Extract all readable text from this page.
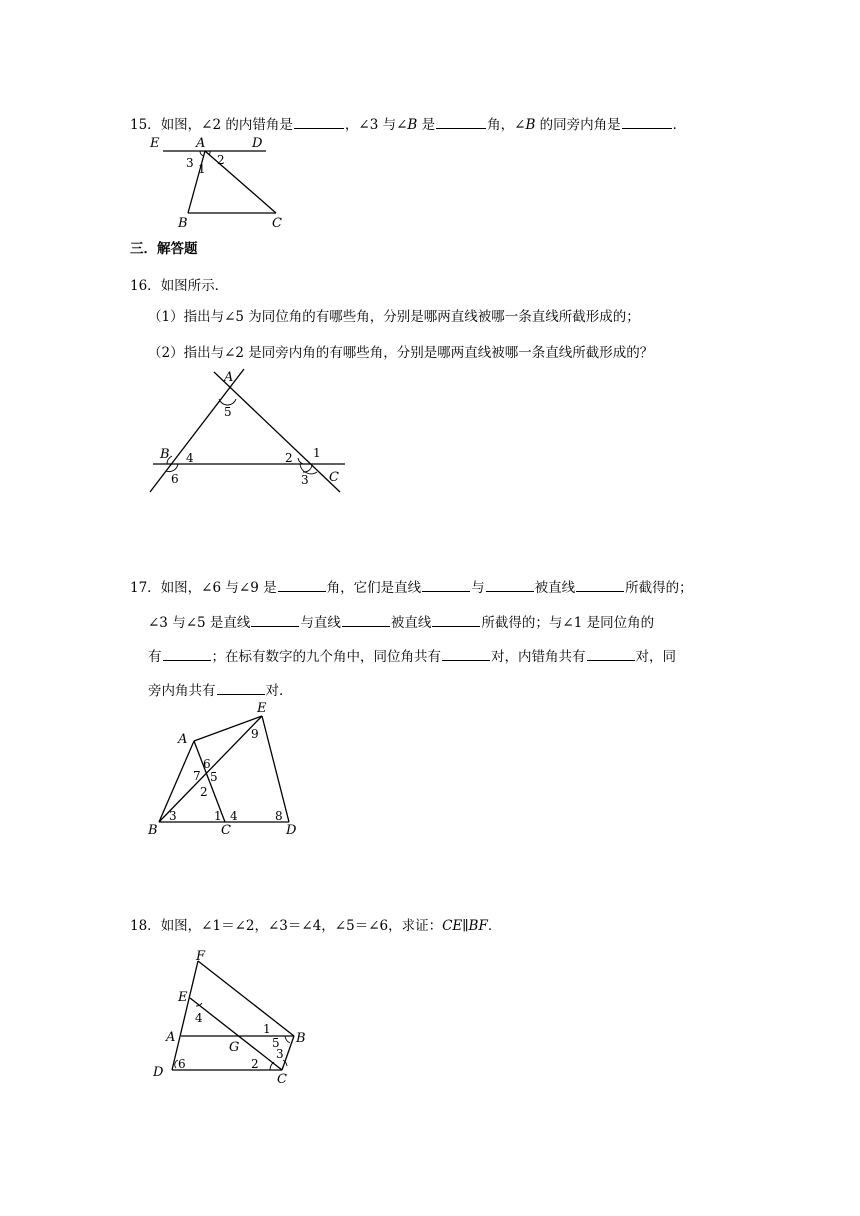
15．如图，∠2 的内错角是	，∠3 与∠B 是	角，∠B 的同旁内角是	．
E	A	D
B	C
3 1
2
三．解答题
16．如图所示．
（1）指出与∠5 为同位角的有哪些角，分别是哪两直线被哪一条直线所截形成的；
（2）指出与∠2 是同旁内角的有哪些角，分别是哪两直线被哪一条直线所截形成的？
A
B
C
5
4
6
2 1
3
17．如图，∠6 与∠9 是	角，它们是直线	与	被直线	所截得的；
∠3 与∠5 是直线	与直线	被直线	所截得的；与∠1 是同位角的
有	；在标有数字的九个角中，同位角共有	对，内错角共有	对，同
旁内角共有	对．
A
E
B	C	D
9
6
7 5
2
3	1 4	8
18．如图，∠1＝∠2，∠3＝∠4，∠5＝∠6，求证：CE∥BF．
F
E
A
G
B
D	C
4
1
5
3
2
6
